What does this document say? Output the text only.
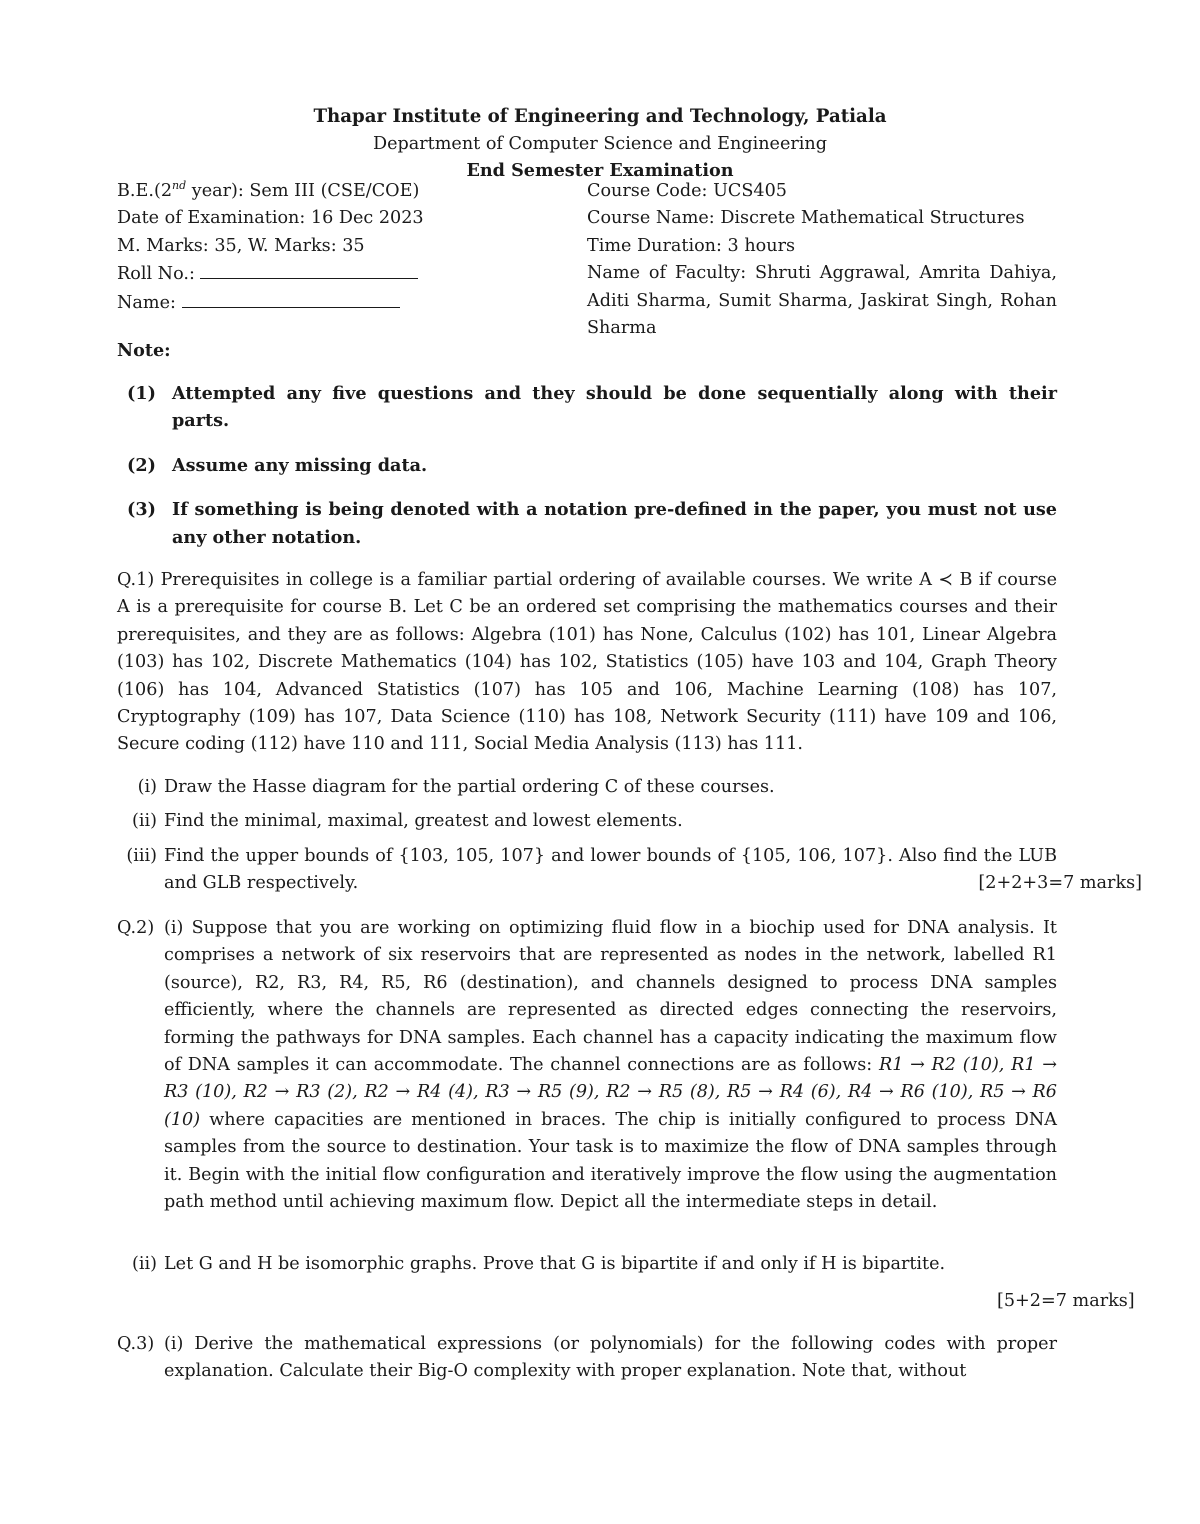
Thapar Institute of Engineering and Technology, Patiala
Department of Computer Science and Engineering
End Semester Examination
B.E.(2nd year): Sem III (CSE/COE)
Date of Examination: 16 Dec 2023
M. Marks: 35, W. Marks: 35
Roll No.:
Name:
Course Code: UCS405
Course Name: Discrete Mathematical Structures
Time Duration: 3 hours
Name of Faculty: Shruti Aggrawal, Amrita Dahiya, Aditi Sharma, Sumit Sharma, Jaskirat Singh, Rohan Sharma
Note:
(1) Attempted any five questions and they should be done sequentially along with their parts.
(2) Assume any missing data.
(3) If something is being denoted with a notation pre-defined in the paper, you must not use any other notation.
Q.1) Prerequisites in college is a familiar partial ordering of available courses. We write A ≺ B if course A is a prerequisite for course B. Let C be an ordered set comprising the mathematics courses and their prerequisites, and they are as follows: Algebra (101) has None, Calculus (102) has 101, Linear Algebra (103) has 102, Discrete Mathematics (104) has 102, Statistics (105) have 103 and 104, Graph Theory (106) has 104, Advanced Statistics (107) has 105 and 106, Machine Learning (108) has 107, Cryptography (109) has 107, Data Science (110) has 108, Network Security (111) have 109 and 106, Secure coding (112) have 110 and 111, Social Media Analysis (113) has 111.
(i) Draw the Hasse diagram for the partial ordering C of these courses.
(ii) Find the minimal, maximal, greatest and lowest elements.
(iii) Find the upper bounds of {103, 105, 107} and lower bounds of {105, 106, 107}. Also find the LUB and GLB respectively.	[2+2+3=7 marks]
Q.2) (i) Suppose that you are working on optimizing fluid flow in a biochip used for DNA analysis. It comprises a network of six reservoirs that are represented as nodes in the network, labelled R1 (source), R2, R3, R4, R5, R6 (destination), and channels designed to process DNA samples efficiently, where the channels are represented as directed edges connecting the reservoirs, forming the pathways for DNA samples. Each channel has a capacity indicating the maximum flow of DNA samples it can accommodate. The channel connections are as follows: R1 → R2 (10), R1 → R3 (10), R2 → R3 (2), R2 → R4 (4), R3 → R5 (9), R2 → R5 (8), R5 → R4 (6), R4 → R6 (10), R5 → R6 (10) where capacities are mentioned in braces. The chip is initially configured to process DNA samples from the source to destination. Your task is to maximize the flow of DNA samples through it. Begin with the initial flow configuration and iteratively improve the flow using the augmentation path method until achieving maximum flow. Depict all the intermediate steps in detail.
(ii) Let G and H be isomorphic graphs. Prove that G is bipartite if and only if H is bipartite.
[5+2=7 marks]
Q.3) (i) Derive the mathematical expressions (or polynomials) for the following codes with proper explanation. Calculate their Big-O complexity with proper explanation. Note that, without
